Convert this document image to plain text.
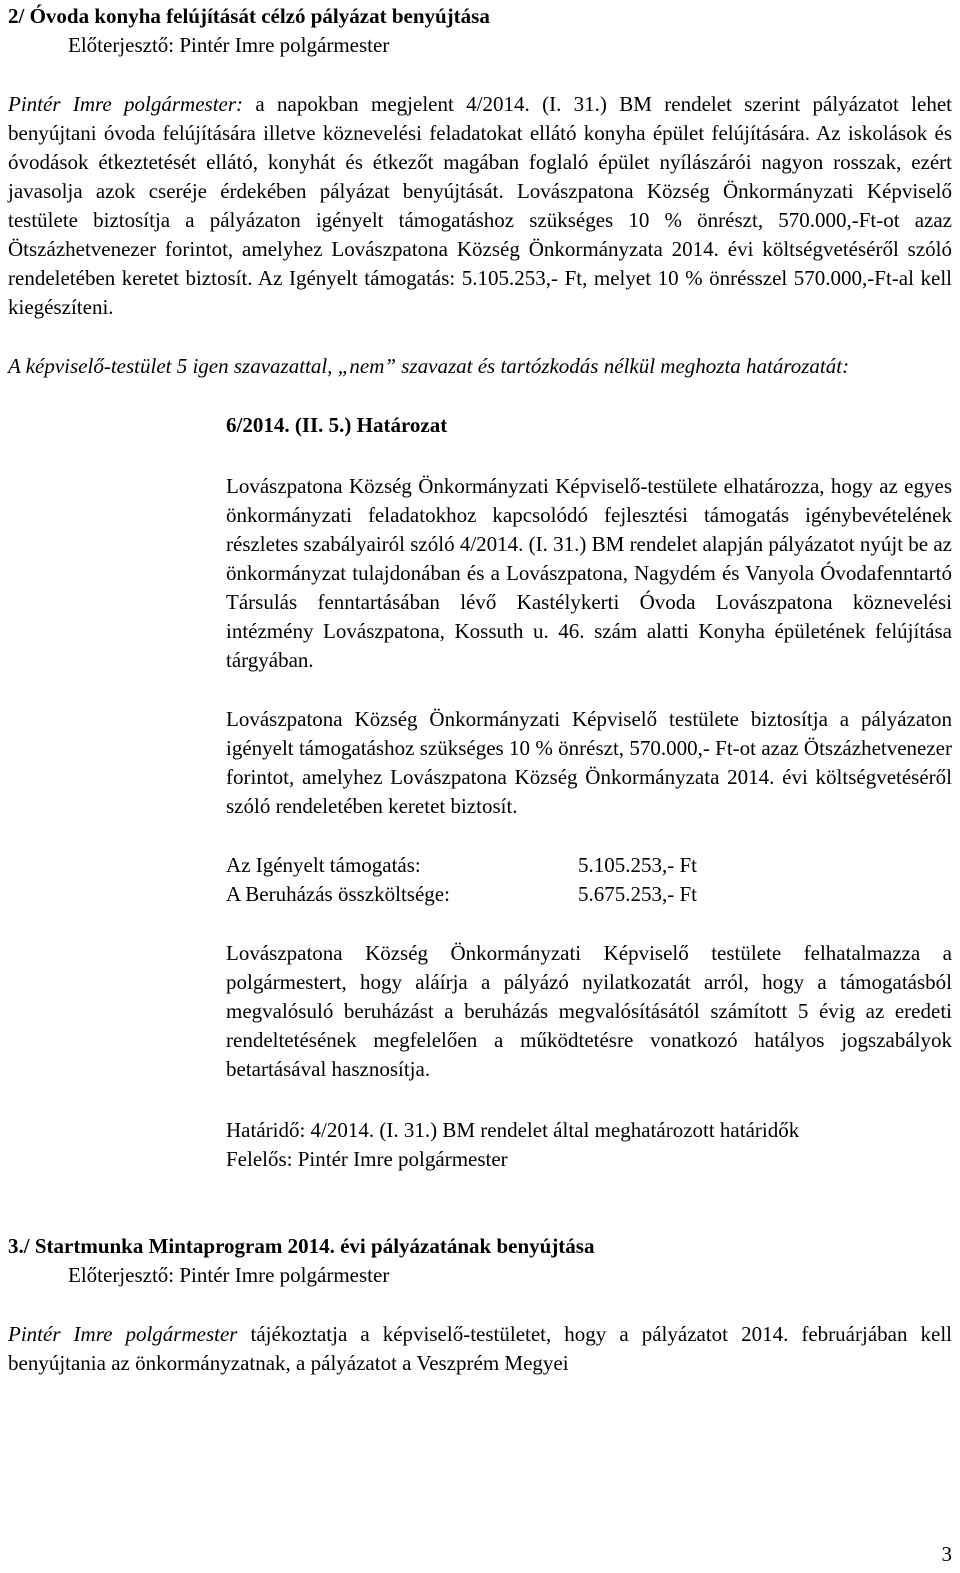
2/ Óvoda konyha felújítását célzó pályázat benyújtása

Előterjesztő: Pintér Imre polgármester

Pintér Imre polgármester: a napokban megjelent 4/2014. (I. 31.) BM rendelet szerint pályázatot lehet benyújtani óvoda felújítására illetve köznevelési feladatokat ellátó konyha épület felújítására. Az iskolások és óvodások étkeztetését ellátó, konyhát és étkezőt magában foglaló épület nyílászárói nagyon rosszak, ezért javasolja azok cseréje érdekében pályázat benyújtását. Lovászpatona Község Önkormányzati Képviselő testülete biztosítja a pályázaton igényelt támogatáshoz szükséges 10 % önrészt, 570.000,-Ft-ot azaz Ötszázhetvenezer forintot, amelyhez Lovászpatona Község Önkormányzata 2014. évi költségvetéséről szóló rendeletében keretet biztosít. Az Igényelt támogatás: 5.105.253,- Ft, melyet 10 % önrésszel 570.000,-Ft-al kell kiegészíteni.

A képviselő-testület 5 igen szavazattal, „nem” szavazat és tartózkodás nélkül meghozta határozatát:

6/2014. (II. 5.) Határozat

Lovászpatona Község Önkormányzati Képviselő-testülete elhatározza, hogy az egyes önkormányzati feladatokhoz kapcsolódó fejlesztési támogatás igénybevételének részletes szabályairól szóló 4/2014. (I. 31.) BM rendelet alapján pályázatot nyújt be az önkormányzat tulajdonában és a Lovászpatona, Nagydém és Vanyola Óvodafenntartó Társulás fenntartásában lévő Kastélykerti Óvoda Lovászpatona köznevelési intézmény Lovászpatona, Kossuth u. 46. szám alatti Konyha épületének felújítása tárgyában.

Lovászpatona Község Önkormányzati Képviselő testülete biztosítja a pályázaton igényelt támogatáshoz szükséges 10 % önrészt, 570.000,- Ft-ot azaz Ötszázhetvenezer forintot, amelyhez Lovászpatona Község Önkormányzata 2014. évi költségvetéséről szóló rendeletében keretet biztosít.

Az Igényelt támogatás:	5.105.253,- Ft
A Beruházás összköltsége:	5.675.253,- Ft

Lovászpatona Község Önkormányzati Képviselő testülete felhatalmazza a polgármestert, hogy aláírja a pályázó nyilatkozatát arról, hogy a támogatásból megvalósuló beruházást a beruházás megvalósításától számított 5 évig az eredeti rendeltetésének megfelelően a működtetésre vonatkozó hatályos jogszabályok betartásával hasznosítja.

Határidő: 4/2014. (I. 31.) BM rendelet által meghatározott határidők

Felelős: Pintér Imre polgármester

3./ Startmunka Mintaprogram 2014. évi pályázatának benyújtása

Előterjesztő: Pintér Imre polgármester

Pintér Imre polgármester tájékoztatja a képviselő-testületet, hogy a pályázatot 2014. februárjában kell benyújtania az önkormányzatnak, a pályázatot a Veszprém Megyei

3
